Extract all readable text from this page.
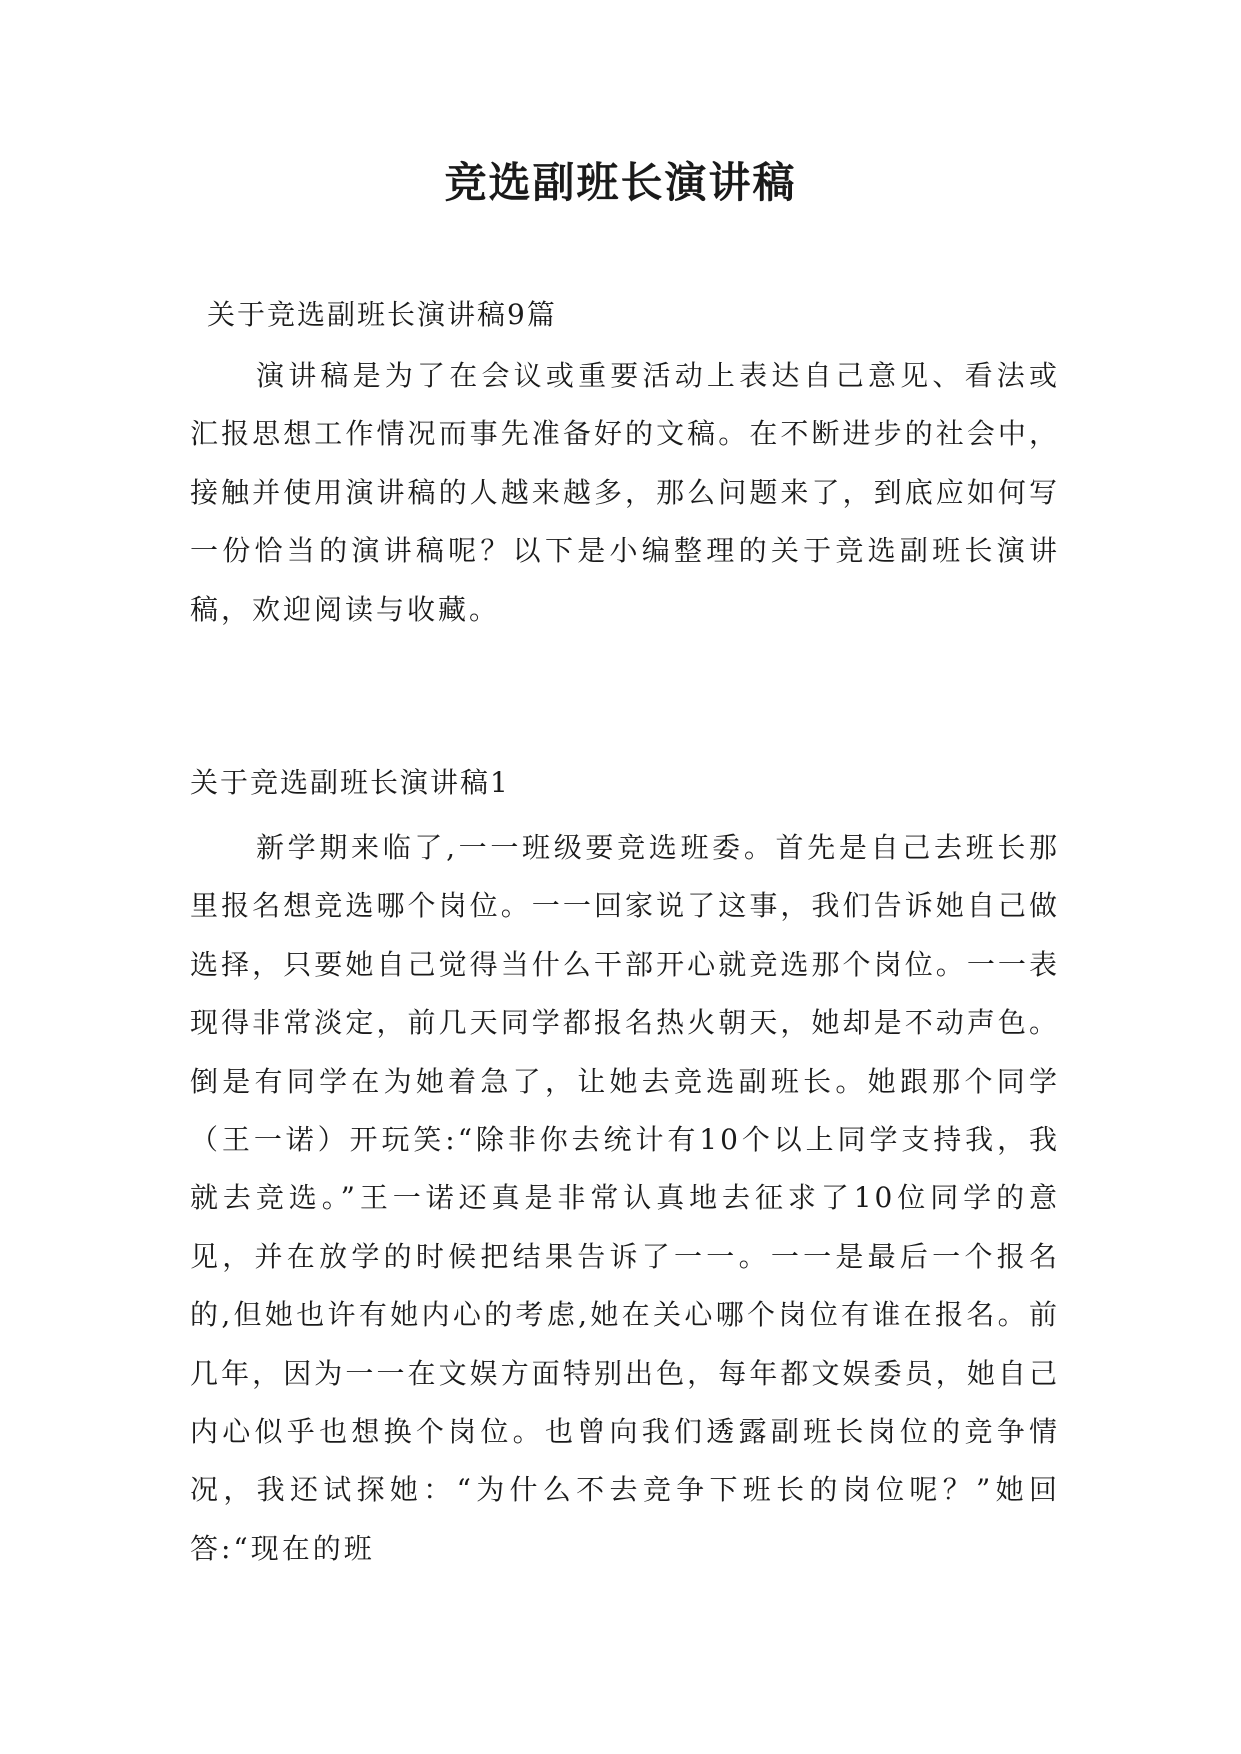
竞选副班长演讲稿
关于竞选副班长演讲稿9篇

演讲稿是为了在会议或重要活动上表达自己意见、看法或汇报思想工作情况而事先准备好的文稿。在不断进步的社会中，接触并使用演讲稿的人越来越多，那么问题来了，到底应如何写一份恰当的演讲稿呢？以下是小编整理的关于竞选副班长演讲稿，欢迎阅读与收藏。

关于竞选副班长演讲稿1

新学期来临了,一一班级要竞选班委。首先是自己去班长那里报名想竞选哪个岗位。一一回家说了这事，我们告诉她自己做选择，只要她自己觉得当什么干部开心就竞选那个岗位。一一表现得非常淡定，前几天同学都报名热火朝天，她却是不动声色。倒是有同学在为她着急了，让她去竞选副班长。她跟那个同学（王一诺）开玩笑:“除非你去统计有10个以上同学支持我，我就去竞选。”王一诺还真是非常认真地去征求了10位同学的意见，并在放学的时候把结果告诉了一一。一一是最后一个报名的,但她也许有她内心的考虑,她在关心哪个岗位有谁在报名。前几年，因为一一在文娱方面特别出色，每年都文娱委员，她自己内心似乎也想换个岗位。也曾向我们透露副班长岗位的竞争情况，我还试探她：“为什么不去竞争下班长的岗位呢？”她回答:“现在的班
